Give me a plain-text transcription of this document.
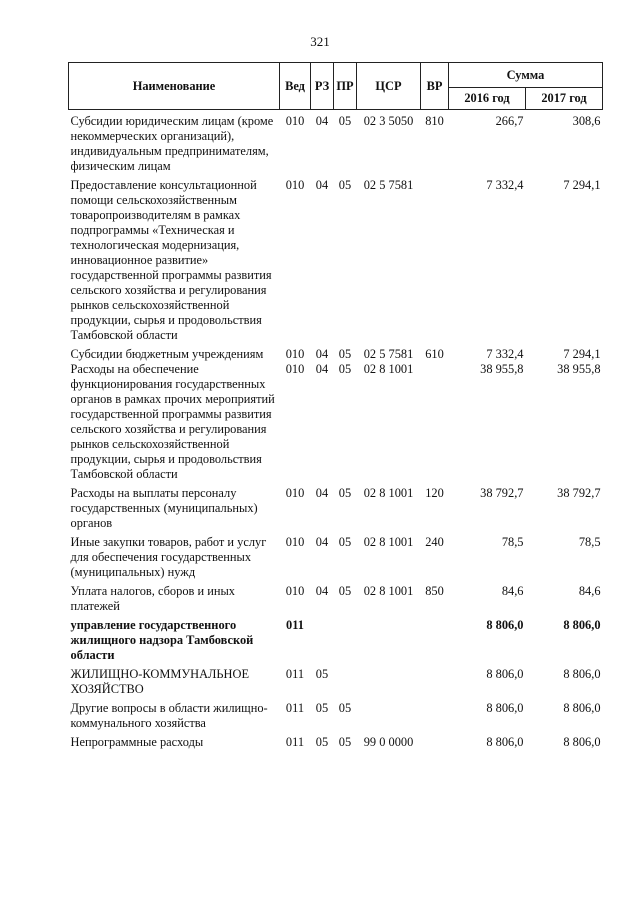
321
Наименование	Вед	РЗ	ПР	ЦСР	ВР	Сумма	
						2016 год	2017 год
Субсидии юридическим лицам (кроме некоммерческих организаций), индивидуальным предпринимателям, физическим лицам	010	04	05	02 3 5050	810	266,7	308,6
Предоставление консультационной помощи сельскохозяйственным товаропроизводителям в рамках подпрограммы «Техническая и технологическая модернизация, инновационное развитие» государственной программы развития сельского хозяйства и регулирования рынков сельскохозяйственной продукции, сырья и продовольствия Тамбовской области	010	04	05	02 5 7581		7 332,4	7 294,1
Субсидии бюджетным учреждениям	010	04	05	02 5 7581	610	7 332,4	7 294,1
Расходы на обеспечение функционирования государственных органов в рамках прочих мероприятий государственной программы развития сельского хозяйства и регулирования рынков сельскохозяйственной продукции, сырья и продовольствия Тамбовской области	010	04	05	02 8 1001		38 955,8	38 955,8
Расходы на выплаты персоналу государственных (муниципальных) органов	010	04	05	02 8 1001	120	38 792,7	38 792,7
Иные закупки товаров, работ и услуг для обеспечения государственных (муниципальных) нужд	010	04	05	02 8 1001	240	78,5	78,5
Уплата налогов, сборов и иных платежей	010	04	05	02 8 1001	850	84,6	84,6
управление государственного жилищного надзора Тамбовской области	011					8 806,0	8 806,0
ЖИЛИЩНО-КОММУНАЛЬНОЕ ХОЗЯЙСТВО	011	05				8 806,0	8 806,0
Другие вопросы в области жилищно-коммунального хозяйства	011	05	05			8 806,0	8 806,0
Непрограммные расходы	011	05	05	99 0 0000		8 806,0	8 806,0
